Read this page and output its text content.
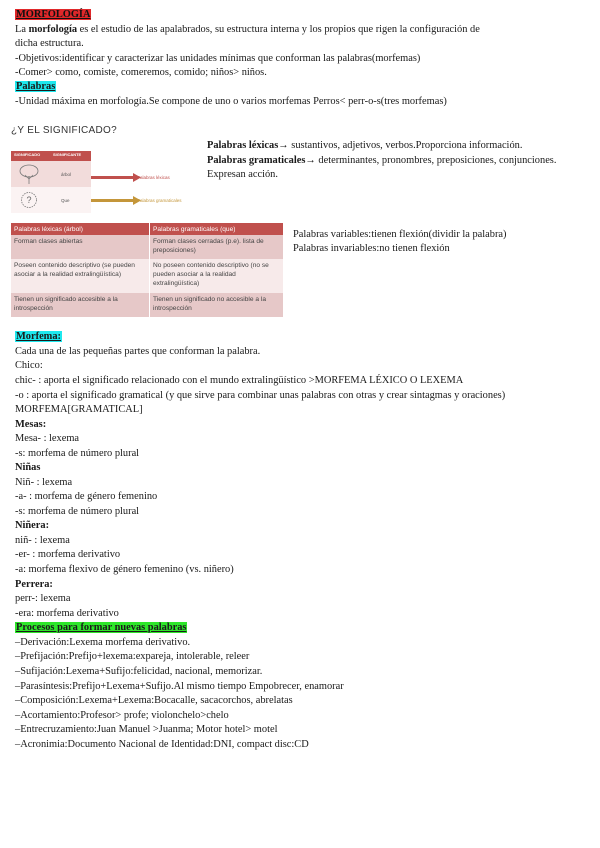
MORFOLOGÍA
La morfología es el estudio de las apalabrados, su estructura interna y los propios que rigen la configuración de
dicha estructura.
-Objetivos:identificar y caracterizar las unidades mínimas que conforman las palabras(morfemas)
-Comer> como, comiste, comeremos, comido; niños> niños.
Palabras
-Unidad máxima en morfología.Se compone de uno o varios morfemas Perros< perr-o-s(tres morfemas)
¿Y EL SIGNIFICADO?
Palabras léxicas→ sustantivos, adjetivos, verbos.Proporciona información.
Palabras gramaticales→ determinantes, pronombres, preposiciones, conjunciones.
Expresan acción.
SIGNIFICADO	SIGNIFICANTE
árbol
?	Que
Palabras léxicas
Palabras gramaticales
Palabras léxicas (árbol)	Palabras gramaticales (que)
Forman clases abiertas	Forman clases cerradas (p.e). lista de preposiciones)
Poseen contenido descriptivo (se pueden asociar a la realidad extralingüística)	No poseen contenido descriptivo (no se pueden asociar a la realidad extralingüística)
Tienen un significado accesible a la introspección	Tienen un significado no accesible a la introspección
Palabras variables:tienen flexión(dividir la palabra)
Palabras invariables:no tienen flexión
Morfema:
Cada una de las pequeñas partes que conforman la palabra.
Chico:
chic- : aporta el significado relacionado con el mundo extralingüístico >MORFEMA LÉXICO O LEXEMA
-o : aporta el significado gramatical (y que sirve para combinar unas palabras con otras y crear sintagmas y oraciones)
MORFEMA[GRAMATICAL]
Mesas:
Mesa- : lexema
-s: morfema de número plural
Niñas
Niñ- : lexema
-a- : morfema de género femenino
-s: morfema de número plural
Niñera:
niñ- : lexema
-er- : morfema derivativo
-a: morfema flexivo de género femenino (vs. niñero)
Perrera:
perr-: lexema
-era: morfema derivativo
Procesos para formar nuevas palabras
–Derivación:Lexema morfema derivativo.
–Prefijación:Prefijo+lexema:expareja, intolerable, releer
–Sufijación:Lexema+Sufijo:felicidad, nacional, memorizar.
–Parasíntesis:Prefijo+Lexema+Sufijo.Al mismo tiempo Empobrecer, enamorar
–Composición:Lexema+Lexema:Bocacalle, sacacorchos, abrelatas
–Acortamiento:Profesor> profe; violonchelo>chelo
–Entrecruzamiento:Juan Manuel >Juanma; Motor hotel> motel
–Acronimia:Documento Nacional de Identidad:DNI, compact disc:CD
